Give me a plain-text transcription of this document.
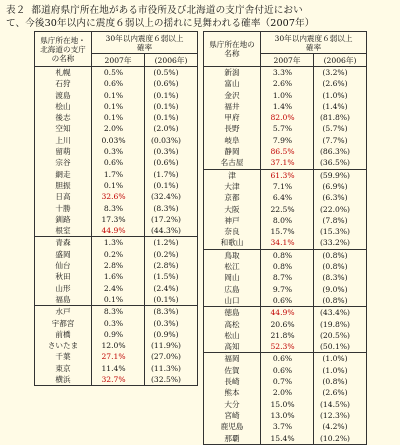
表２ 都道府県庁所在地がある市役所及び北海道の支庁舎付近におい
て、今後30年以内に震度６弱以上の揺れに見舞われる確率（2007年）
県庁所在地・
北海道の支庁
の名称	30年以内震度６弱以上
確率	
	2007年	(2006年)
札幌	0.5%	(0.5%)
石狩	0.6%	(0.6%)
渡島	0.1%	(0.1%)
桧山	0.1%	(0.1%)
後志	0.1%	(0.1%)
空知	2.0%	(2.0%)
上川	0.03%	(0.03%)
留萌	0.3%	(0.3%)
宗谷	0.6%	(0.6%)
網走	1.7%	(1.7%)
胆振	0.1%	(0.1%)
日高	32.6%	(32.4%)
十勝	8.3%	(8.3%)
釧路	17.3%	(17.2%)
根室	44.9%	(44.3%)
青森	1.3%	(1.2%)
盛岡	0.2%	(0.2%)
仙台	2.8%	(2.8%)
秋田	1.6%	(1.5%)
山形	2.4%	(2.4%)
福島	0.1%	(0.1%)
水戸	8.3%	(8.3%)
宇都宮	0.3%	(0.3%)
前橋	0.9%	(0.9%)
さいたま	12.0%	(11.9%)
千葉	27.1%	(27.0%)
東京	11.4%	(11.3%)
横浜	32.7%	(32.5%)
県庁所在地の
名称	30年以内震度６弱以上
確率	
	2007年	(2006年)
新潟	3.3%	(3.2%)
富山	2.6%	(2.6%)
金沢	1.0%	(1.0%)
福井	1.4%	(1.4%)
甲府	82.0%	(81.8%)
長野	5.7%	(5.7%)
岐阜	7.9%	(7.7%)
静岡	86.5%	(86.3%)
名古屋	37.1%	(36.5%)
津	61.3%	(59.9%)
大津	7.1%	(6.9%)
京都	6.4%	(6.3%)
大阪	22.5%	(22.0%)
神戸	8.0%	(7.8%)
奈良	15.7%	(15.3%)
和歌山	34.1%	(33.2%)
鳥取	0.8%	(0.8%)
松江	0.8%	(0.8%)
岡山	8.7%	(8.3%)
広島	9.7%	(9.0%)
山口	0.6%	(0.8%)
徳島	44.9%	(43.4%)
高松	20.6%	(19.8%)
松山	21.8%	(20.5%)
高知	52.3%	(50.1%)
福岡	0.6%	(1.0%)
佐賀	0.6%	(1.0%)
長崎	0.7%	(0.8%)
熊本	2.0%	(2.6%)
大分	15.0%	(14.5%)
宮崎	13.0%	(12.3%)
鹿児島	3.7%	(4.2%)
那覇	15.4%	(10.2%)
